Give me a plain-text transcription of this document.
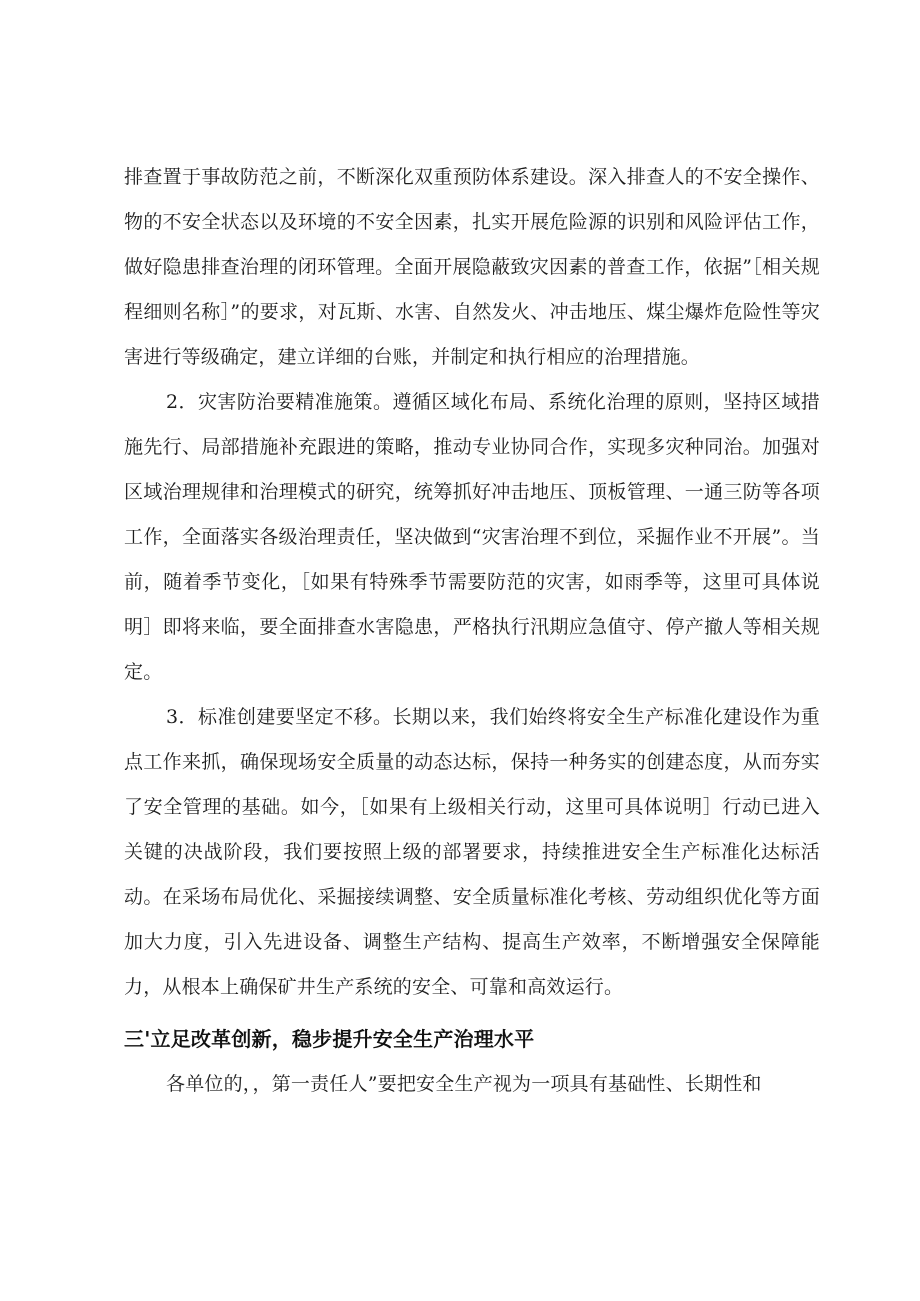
排查置于事故防范之前，不断深化双重预防体系建设。深入排查人的不安全操作、物的不安全状态以及环境的不安全因素，扎实开展危险源的识别和风险评估工作，做好隐患排查治理的闭环管理。全面开展隐蔽致灾因素的普查工作，依据”［相关规程细则名称］”的要求，对瓦斯、水害、自然发火、冲击地压、煤尘爆炸危险性等灾害进行等级确定，建立详细的台账，并制定和执行相应的治理措施。

2．灾害防治要精准施策。遵循区域化布局、系统化治理的原则，坚持区域措施先行、局部措施补充跟进的策略，推动专业协同合作，实现多灾种同治。加强对区域治理规律和治理模式的研究，统筹抓好冲击地压、顶板管理、一通三防等各项工作，全面落实各级治理责任，坚决做到“灾害治理不到位，采掘作业不开展”。当前，随着季节变化，［如果有特殊季节需要防范的灾害，如雨季等，这里可具体说明］即将来临，要全面排查水害隐患，严格执行汛期应急值守、停产撤人等相关规定。

3．标准创建要坚定不移。长期以来，我们始终将安全生产标准化建设作为重点工作来抓，确保现场安全质量的动态达标，保持一种务实的创建态度，从而夯实了安全管理的基础。如今，［如果有上级相关行动，这里可具体说明］行动已进入关键的决战阶段，我们要按照上级的部署要求，持续推进安全生产标准化达标活动。在采场布局优化、采掘接续调整、安全质量标准化考核、劳动组织优化等方面加大力度，引入先进设备、调整生产结构、提高生产效率，不断增强安全保障能力，从根本上确保矿井生产系统的安全、可靠和高效运行。

三'立足改革创新，稳步提升安全生产治理水平

各单位的，，第一责任人”要把安全生产视为一项具有基础性、长期性和
